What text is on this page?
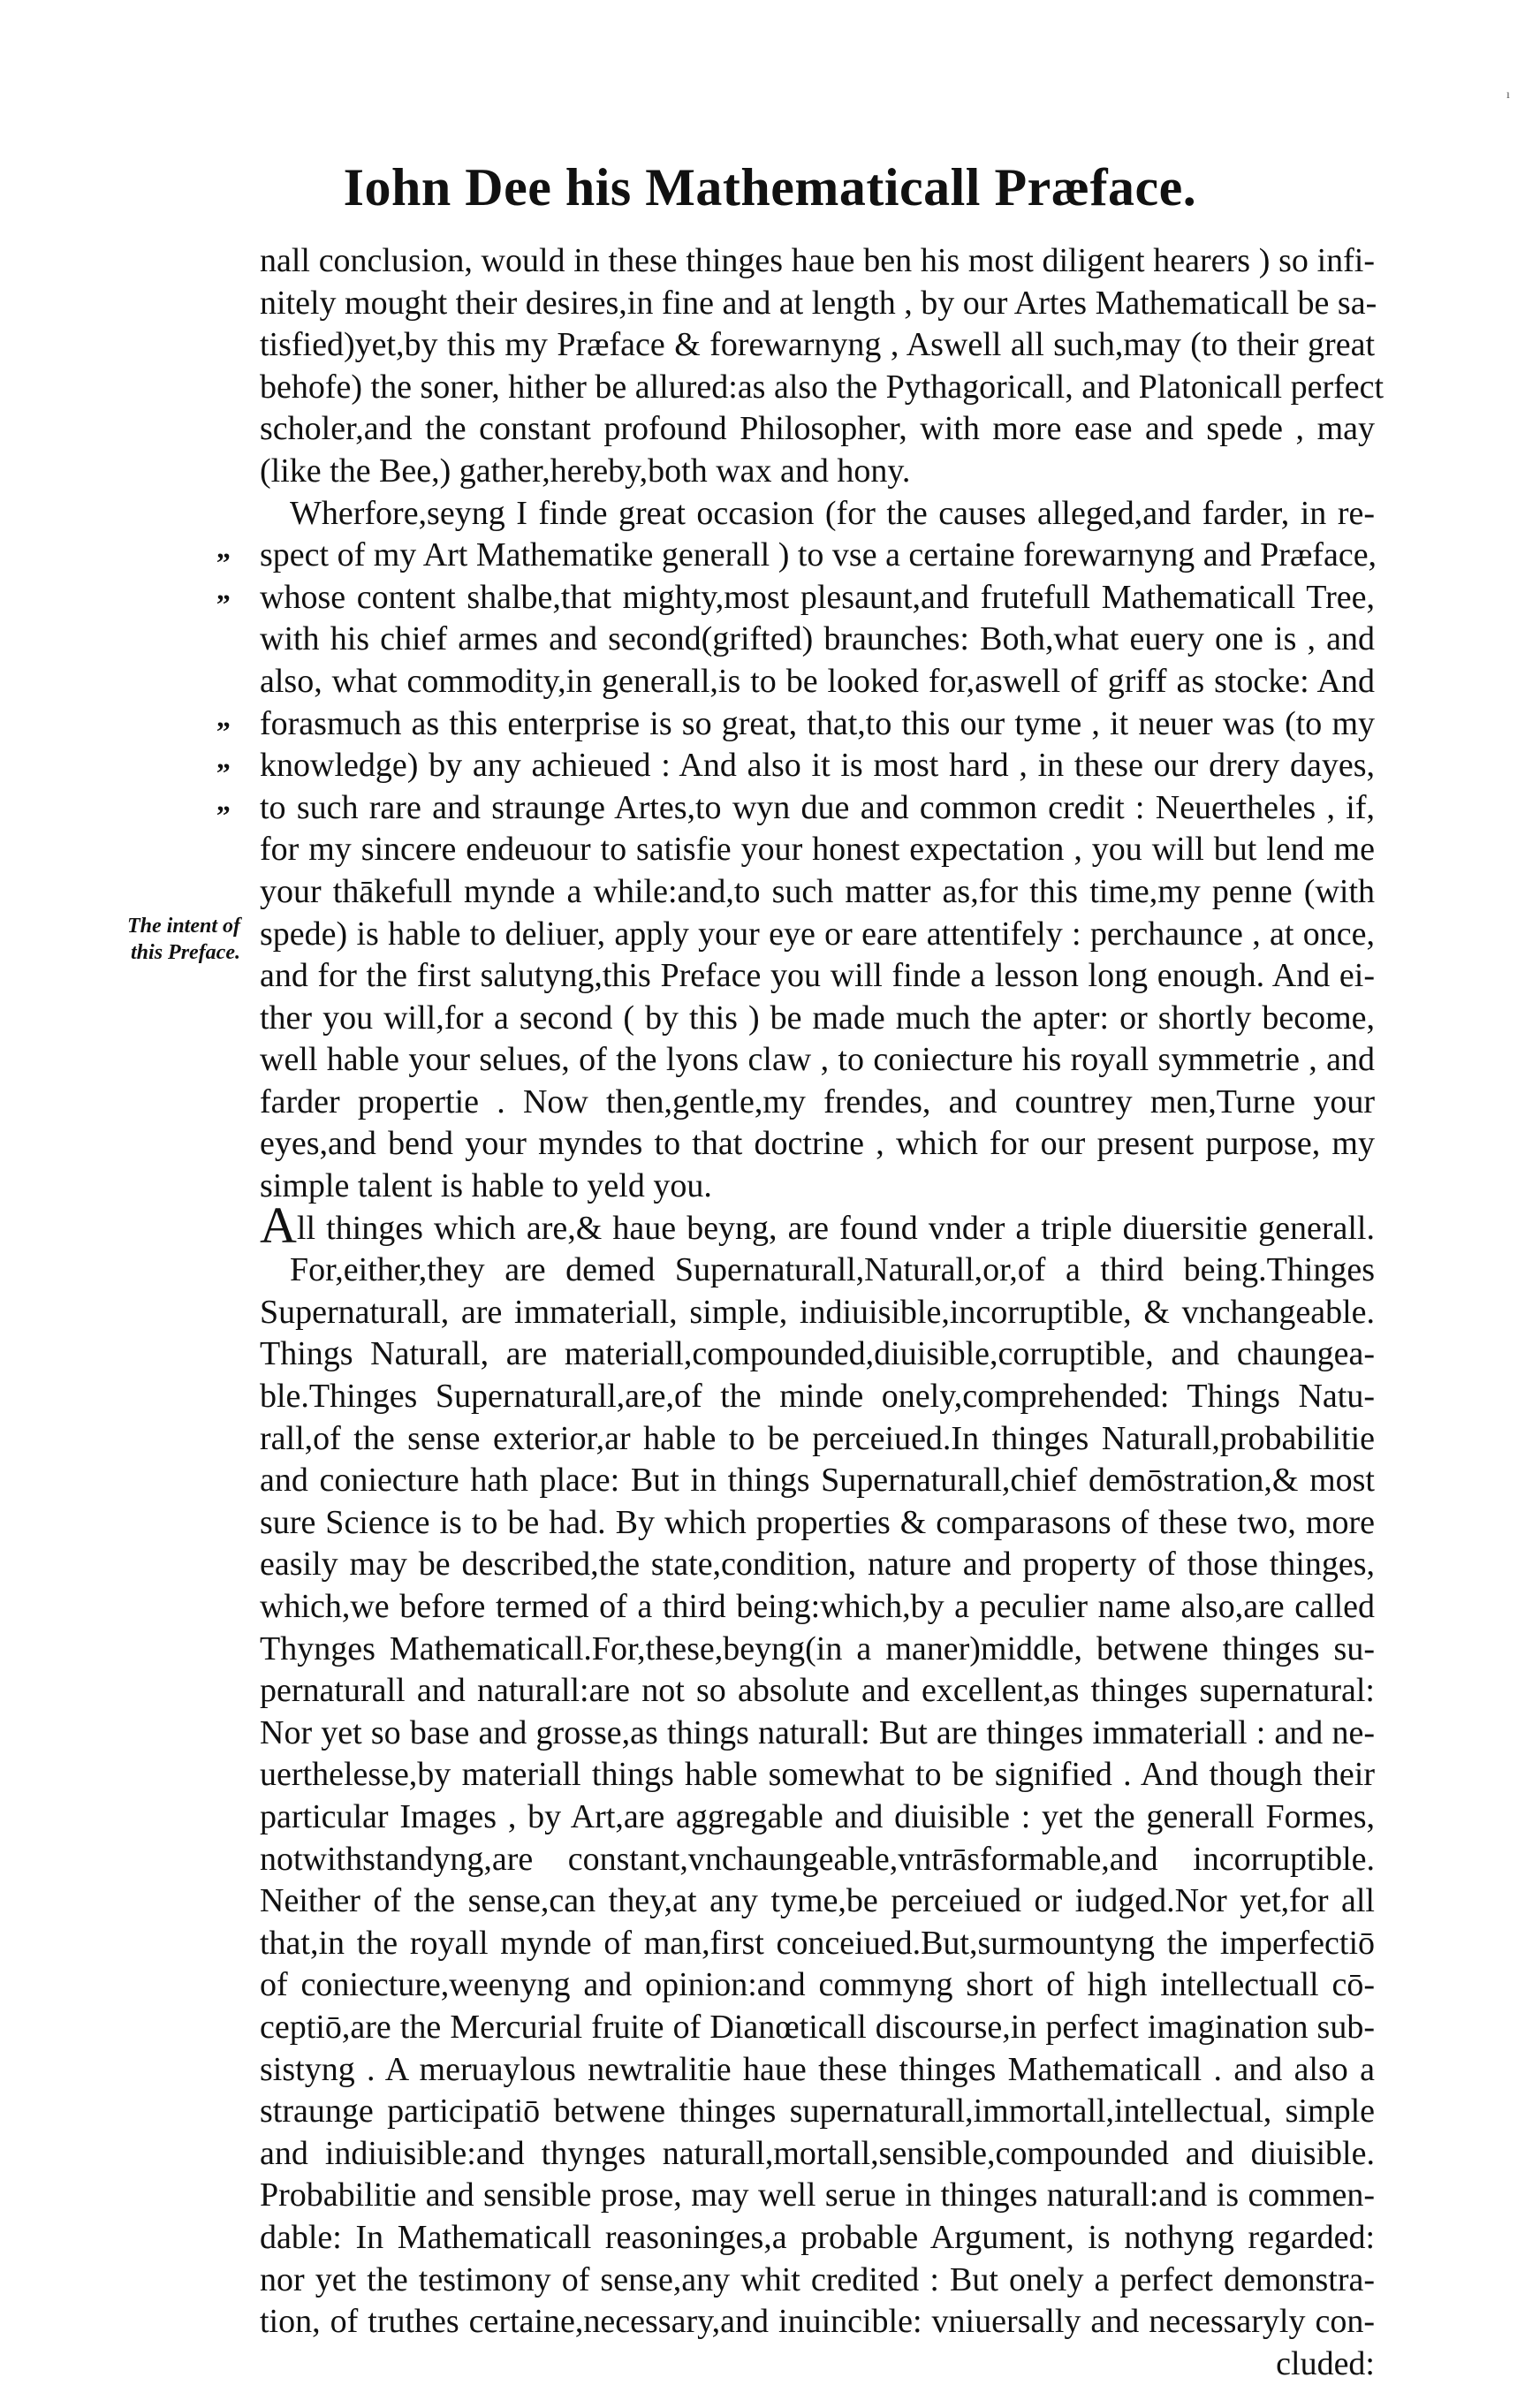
ı
Iohn Dee his Mathematicall Præface.
The intent of
this Preface.
„
„
„
„
„
nall conclusion, would in these thinges haue ben his most diligent hearers ) so infi-
nitely mought their desires,in fine and at length , by our Artes Mathematicall be sa-
tisfied)yet,by this my Præface & forewarnyng , Aswell all such,may (to their great
behofe) the soner, hither be allured:as also the Pythagoricall, and Platonicall perfect
scholer,and the constant profound Philosopher, with more ease and spede , may
(like the Bee,) gather,hereby,both wax and hony.
Wherfore,seyng I finde great occasion (for the causes alleged,and farder, in re-
spect of my Art Mathematike generall ) to vse a certaine forewarnyng and Præface,
whose content shalbe,that mighty,most plesaunt,and frutefull Mathematicall Tree,
with his chief armes and second(grifted) braunches: Both,what euery one is , and
also, what commodity,in generall,is to be looked for,aswell of griff as stocke: And
forasmuch as this enterprise is so great, that,to this our tyme , it neuer was (to my
knowledge) by any achieued : And also it is most hard , in these our drery dayes,
to such rare and straunge Artes,to wyn due and common credit : Neuertheles , if,
for my sincere endeuour to satisfie your honest expectation , you will but lend me
your thākefull mynde a while:and,to such matter as,for this time,my penne (with
spede) is hable to deliuer, apply your eye or eare attentifely : perchaunce , at once,
and for the first salutyng,this Preface you will finde a lesson long enough. And ei-
ther you will,for a second ( by this ) be made much the apter: or shortly become,
well hable your selues, of the lyons claw , to coniecture his royall symmetrie , and
farder propertie . Now then,gentle,my frendes, and countrey men,Turne your
eyes,and bend your myndes to that doctrine , which for our present purpose, my
simple talent is hable to yeld you.
All thinges which are,& haue beyng, are found vnder a triple diuersitie generall.
For,either,they are demed Supernaturall,Naturall,or,of a third being.Thinges
Supernaturall, are immateriall, simple, indiuisible,incorruptible, & vnchangeable.
Things Naturall, are materiall,compounded,diuisible,corruptible, and chaungea-
ble.Thinges Supernaturall,are,of the minde onely,comprehended: Things Natu-
rall,of the sense exterior,ar hable to be perceiued.In thinges Naturall,probabilitie
and coniecture hath place: But in things Supernaturall,chief demōstration,& most
sure Science is to be had. By which properties & comparasons of these two, more
easily may be described,the state,condition, nature and property of those thinges,
which,we before termed of a third being:which,by a peculier name also,are called
Thynges Mathematicall.For,these,beyng(in a maner)middle, betwene thinges su-
pernaturall and naturall:are not so absolute and excellent,as thinges supernatural:
Nor yet so base and grosse,as things naturall: But are thinges immateriall : and ne-
uerthelesse,by materiall things hable somewhat to be signified . And though their
particular Images , by Art,are aggregable and diuisible : yet the generall Formes,
notwithstandyng,are constant,vnchaungeable,vntrāsformable,and incorruptible.
Neither of the sense,can they,at any tyme,be perceiued or iudged.Nor yet,for all
that,in the royall mynde of man,first conceiued.But,surmountyng the imperfectiō
of coniecture,weenyng and opinion:and commyng short of high intellectuall cō-
ceptiō,are the Mercurial fruite of Dianœticall discourse,in perfect imagination sub-
sistyng . A meruaylous newtralitie haue these thinges Mathematicall . and also a
straunge participatiō betwene thinges supernaturall,immortall,intellectual, simple
and indiuisible:and thynges naturall,mortall,sensible,compounded and diuisible.
Probabilitie and sensible prose, may well serue in thinges naturall:and is commen-
dable: In Mathematicall reasoninges,a probable Argument, is nothyng regarded:
nor yet the testimony of sense,any whit credited : But onely a perfect demonstra-
tion, of truthes certaine,necessary,and inuincible: vniuersally and necessaryly con-
cluded:
